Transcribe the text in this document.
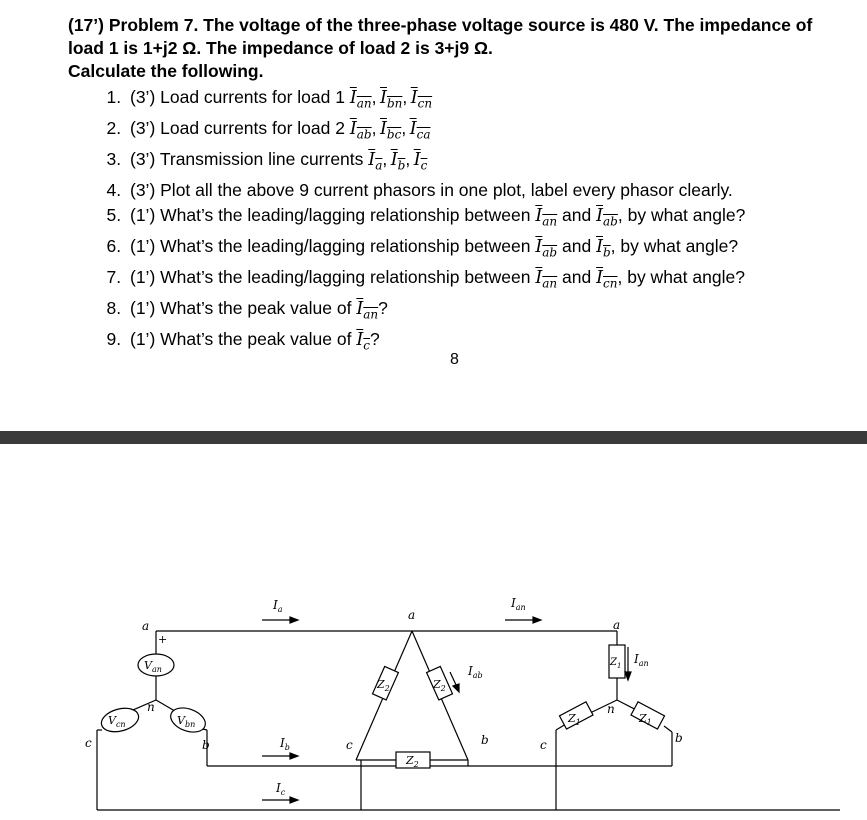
(17’) Problem 7. The voltage of the three-phase voltage source is 480 V. The impedance of
load 1 is 1+j2 Ω. The impedance of load 2 is 3+j9 Ω.
Calculate the following.
1. (3’) Load currents for load 1 $I_{an}$, $I_{bn}$, $I_{cn}$
2. (3’) Load currents for load 2 $I_{ab}$, $I_{bc}$, $I_{ca}$
3. (3’) Transmission line currents $I_a$, $I_b$, $I_c$
4. (3’) Plot all the above 9 current phasors in one plot, label every phasor clearly.
5. (1’) What’s the leading/lagging relationship between $I_{an}$ and $I_{ab}$, by what angle?
6. (1’) What’s the leading/lagging relationship between $I_{ab}$ and $I_b$, by what angle?
7. (1’) What’s the leading/lagging relationship between $I_{an}$ and $I_{cn}$, by what angle?
8. (1’) What’s the peak value of $I_{an}$?
9. (1’) What’s the peak value of $I_c$?
8
a
+
$V_{an}$
n
$V_{cn}$	$V_{bn}$
c	b
$I_a$
$I_b$
$I_c$
a
c	b
$Z_2$	$Z_2$
$Z_2$
$I_{ab}$
$I_{an}$
a
$Z_1$ $I_{an}$
n
$Z_1$	$Z_1$
c	b
